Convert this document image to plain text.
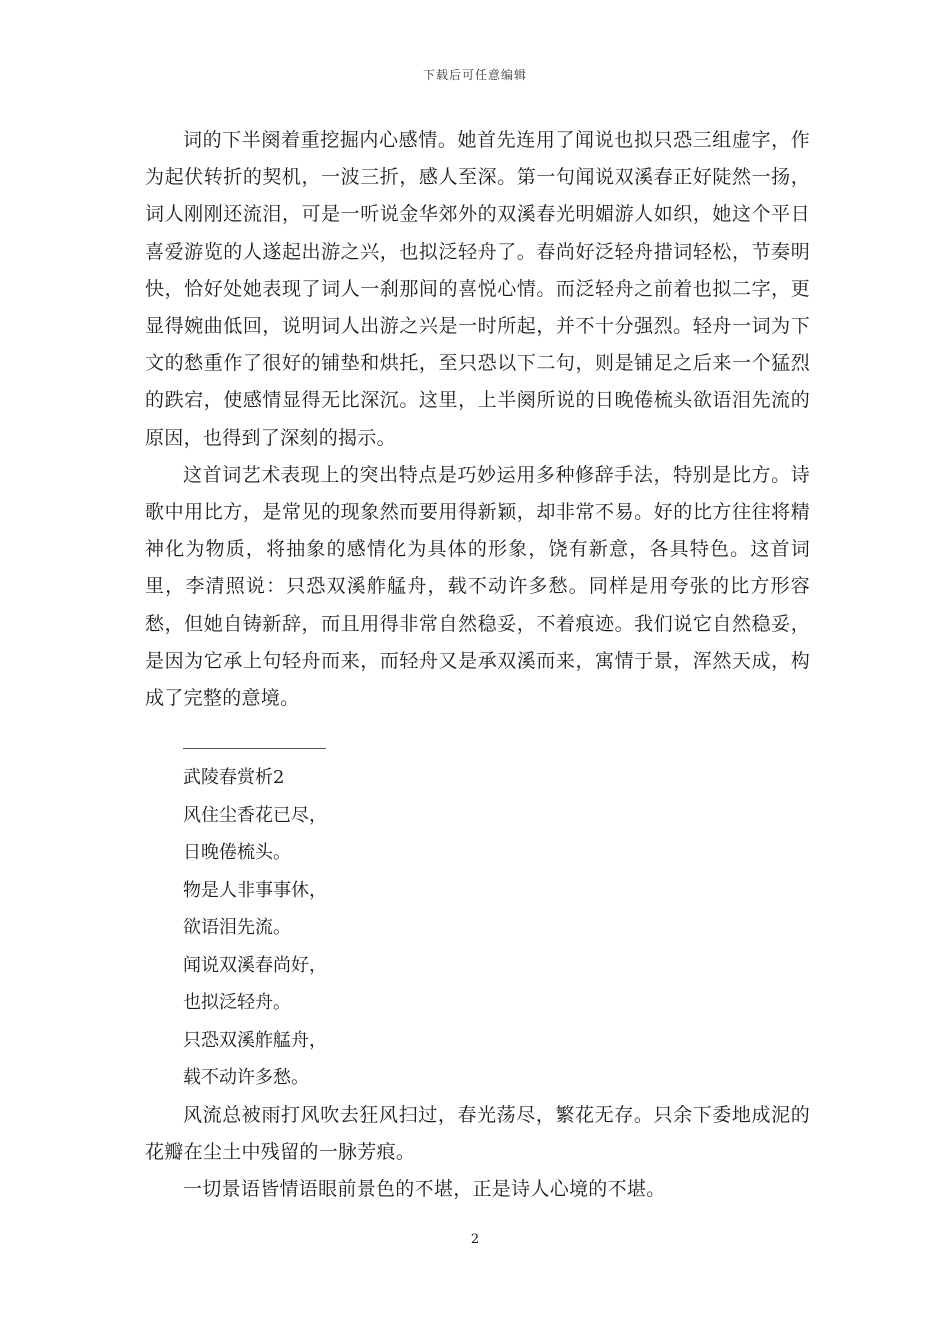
下载后可任意编辑

词的下半阕着重挖掘内心感情。她首先连用了闻说也拟只恐三组虚字，作为起伏转折的契机，一波三折，感人至深。第一句闻说双溪春正好陡然一扬，词人刚刚还流泪，可是一听说金华郊外的双溪春光明媚游人如织，她这个平日喜爱游览的人遂起出游之兴，也拟泛轻舟了。春尚好泛轻舟措词轻松，节奏明快，恰好处她表现了词人一刹那间的喜悦心情。而泛轻舟之前着也拟二字，更显得婉曲低回，说明词人出游之兴是一时所起，并不十分强烈。轻舟一词为下文的愁重作了很好的铺垫和烘托，至只恐以下二句，则是铺足之后来一个猛烈的跌宕，使感情显得无比深沉。这里，上半阕所说的日晚倦梳头欲语泪先流的原因，也得到了深刻的揭示。

这首词艺术表现上的突出特点是巧妙运用多种修辞手法，特别是比方。诗歌中用比方，是常见的现象然而要用得新颖，却非常不易。好的比方往往将精神化为物质，将抽象的感情化为具体的形象，饶有新意，各具特色。这首词里，李清照说：只恐双溪舴艋舟，载不动许多愁。同样是用夸张的比方形容愁，但她自铸新辞，而且用得非常自然稳妥，不着痕迹。我们说它自然稳妥，是因为它承上句轻舟而来，而轻舟又是承双溪而来，寓情于景，浑然天成，构成了完整的意境。

武陵春赏析2
风住尘香花已尽，
日晚倦梳头。
物是人非事事休，
欲语泪先流。
闻说双溪春尚好，
也拟泛轻舟。
只恐双溪舴艋舟，
载不动许多愁。

风流总被雨打风吹去狂风扫过，春光荡尽，繁花无存。只余下委地成泥的花瓣在尘土中残留的一脉芳痕。

一切景语皆情语眼前景色的不堪，正是诗人心境的不堪。

2
